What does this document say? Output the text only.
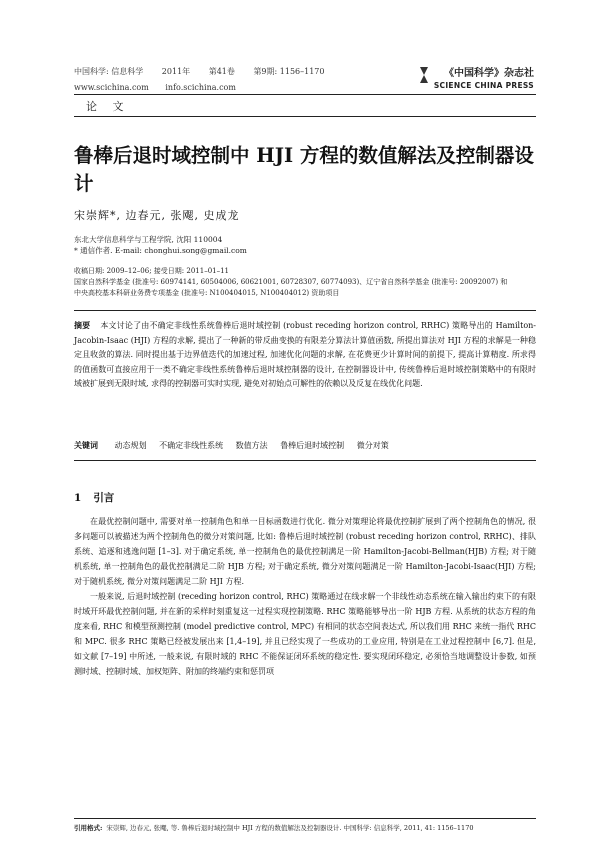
中国科学: 信息科学 2011年 第41卷 第9期: 1156–1170
www.scichina.com info.scichina.com
《中国科学》杂志社
SCIENCE CHINA PRESS
论 文
鲁棒后退时域控制中 HJI 方程的数值解法及控制器设计
宋崇辉*, 边春元, 张飔, 史成龙
东北大学信息科学与工程学院, 沈阳 110004
* 通信作者. E-mail: chonghui.song@gmail.com
收稿日期: 2009–12–06; 接受日期: 2011–01–11
国家自然科学基金 (批准号: 60974141, 60504006, 60621001, 60728307, 60774093)、辽宁省自然科学基金 (批准号: 20092007) 和
中央高校基本科研业务费专项基金 (批准号: N100404015, N100404012) 资助项目
摘要 本文讨论了由不确定非线性系统鲁棒后退时域控制 (robust receding horizon control, RRHC) 策略导出的 Hamilton-Jacobin-Isaac (HJI) 方程的求解, 提出了一种新的带反曲变换的有限差分算法计算值函数, 所提出算法对 HJI 方程的求解是一种稳定且收敛的算法. 同时提出基于边界值迭代的加速过程, 加速优化问题的求解, 在花费更少计算时间的前提下, 提高计算精度. 所求得的值函数可直接应用于一类不确定非线性系统鲁棒后退时域控制器的设计, 在控制器设计中, 传统鲁棒后退时域控制策略中的有限时域被扩展到无限时域, 求得的控制器可实时实现, 避免对初始点可解性的依赖以及反复在线优化问题.
关键词 动态规划 不确定非线性系统 数值方法 鲁棒后退时域控制 微分对策
1 引言

在最优控制问题中, 需要对单一控制角色和单一目标函数进行优化. 微分对策理论将最优控制扩展到了两个控制角色的情况, 很多问题可以被描述为两个控制角色的微分对策问题, 比如: 鲁棒后退时域控制 (robust receding horizon control, RRHC)、排队系统、追逐和逃逸问题 [1–3]. 对于确定系统, 单一控制角色的最优控制满足一阶 Hamilton-Jacobi-Bellman(HJB) 方程; 对于随机系统, 单一控制角色的最优控制满足二阶 HJB 方程; 对于确定系统, 微分对策问题满足一阶 Hamilton-Jacobi-Isaac(HJI) 方程; 对于随机系统, 微分对策问题满足二阶 HJI 方程.

一般来说, 后退时域控制 (receding horizon control, RHC) 策略通过在线求解一个非线性动态系统在输入输出约束下的有限时域开环最优控制问题, 并在新的采样时刻重复这一过程实现控制策略. RHC 策略能够导出一阶 HJB 方程. 从系统的状态方程的角度来看, RHC 和模型预测控制 (model predictive control, MPC) 有相同的状态空间表达式, 所以我们用 RHC 来统一指代 RHC 和 MPC. 很多 RHC 策略已经被发展出来 [1,4–19], 并且已经实现了一些成功的工业应用, 特别是在工业过程控制中 [6,7]. 但是, 如文献 [7–19] 中所述, 一般来说, 有限时域的 RHC 不能保证闭环系统的稳定性. 要实现闭环稳定, 必须恰当地调整设计参数, 如预测时域、控制时域、加权矩阵、附加的终端约束和惩罚项

引用格式: 宋崇辉, 边春元, 张飔, 等. 鲁棒后退时域控制中 HJI 方程的数值解法及控制器设计. 中国科学: 信息科学, 2011, 41: 1156–1170
